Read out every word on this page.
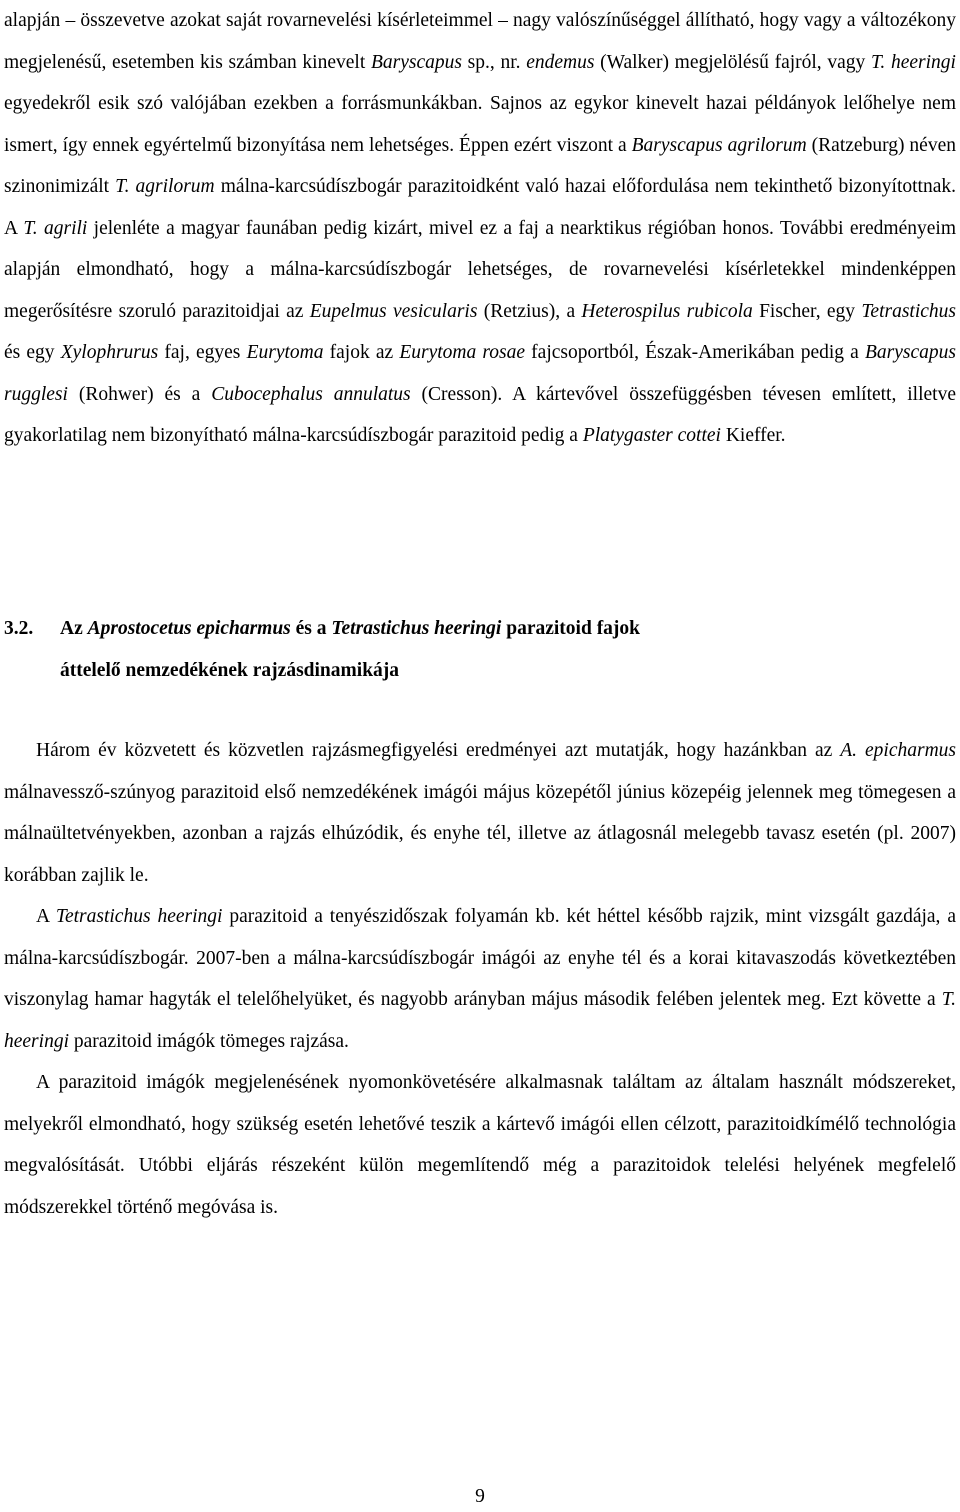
alapján – összevetve azokat saját rovarnevelési kísérleteimmel – nagy valószínűséggel állítható, hogy vagy a változékony megjelenésű, esetemben kis számban kinevelt Baryscapus sp., nr. endemus (Walker) megjelölésű fajról, vagy T. heeringi egyedekről esik szó valójában ezekben a forrásmunkákban. Sajnos az egykor kinevelt hazai példányok lelőhelye nem ismert, így ennek egyértelmű bizonyítása nem lehetséges. Éppen ezért viszont a Baryscapus agrilorum (Ratzeburg) néven szinonimizált T. agrilorum málna-karcsúdíszbogár parazitoidként való hazai előfordulása nem tekinthető bizonyítottnak. A T. agrili jelenléte a magyar faunában pedig kizárt, mivel ez a faj a nearktikus régióban honos. További eredményeim alapján elmondható, hogy a málna-karcsúdíszbogár lehetséges, de rovarnevelési kísérletekkel mindenképpen megerősítésre szoruló parazitoidjai az Eupelmus vesicularis (Retzius), a Heterospilus rubicola Fischer, egy Tetrastichus és egy Xylophrurus faj, egyes Eurytoma fajok az Eurytoma rosae fajcsoportból, Észak-Amerikában pedig a Baryscapus rugglesi (Rohwer) és a Cubocephalus annulatus (Cresson). A kártevővel összefüggésben tévesen említett, illetve gyakorlatilag nem bizonyítható málna-karcsúdíszbogár parazitoid pedig a Platygaster cottei Kieffer.

3.2. Az Aprostocetus epicharmus és a Tetrastichus heeringi parazitoid fajok
áttelelő nemzedékének rajzásdinamikája

Három év közvetett és közvetlen rajzásmegfigyelési eredményei azt mutatják, hogy hazánkban az A. epicharmus málnavessző-szúnyog parazitoid első nemzedékének imágói május közepétől június közepéig jelennek meg tömegesen a málnaültetvényekben, azonban a rajzás elhúzódik, és enyhe tél, illetve az átlagosnál melegebb tavasz esetén (pl. 2007) korábban zajlik le.

A Tetrastichus heeringi parazitoid a tenyészidőszak folyamán kb. két héttel később rajzik, mint vizsgált gazdája, a málna-karcsúdíszbogár. 2007-ben a málna-karcsúdíszbogár imágói az enyhe tél és a korai kitavaszodás következtében viszonylag hamar hagyták el telelőhelyüket, és nagyobb arányban május második felében jelentek meg. Ezt követte a T. heeringi parazitoid imágók tömeges rajzása.

A parazitoid imágók megjelenésének nyomonkövetésére alkalmasnak találtam az általam használt módszereket, melyekről elmondható, hogy szükség esetén lehetővé teszik a kártevő imágói ellen célzott, parazitoidkímélő technológia megvalósítását. Utóbbi eljárás részeként külön megemlítendő még a parazitoidok telelési helyének megfelelő módszerekkel történő megóvása is.

9
